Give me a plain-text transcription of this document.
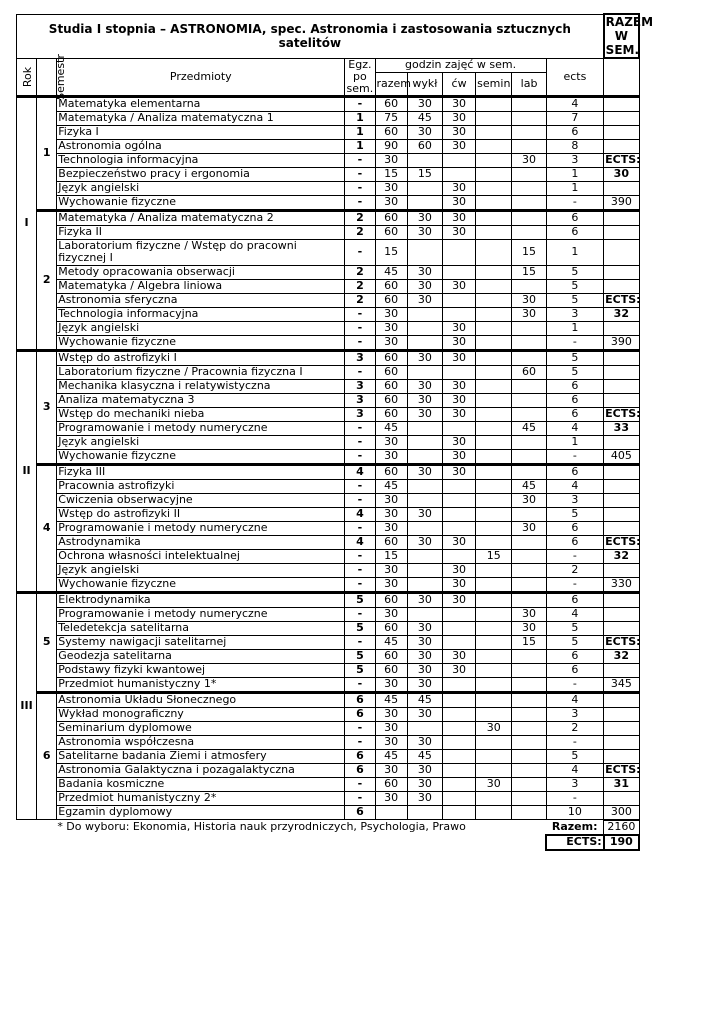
Studia I stopnia – ASTRONOMIA, spec. Astronomia i zastosowania sztucznych satelitów										RAZEM W SEM.
Rok	Semestr	Przedmioty	Egz. po sem.	godzin zajęć w sem.					ects	
				razem	wykł	ćw	semin	lab		

I	1	Matematyka elementarna	-	60	30	30			4	
		Matematyka / Analiza matematyczna 1	1	75	45	30			7	
		Fizyka I	1	60	30	30			6	
		Astronomia ogólna	1	90	60	30			8	
		Technologia informacyjna	-	30				30	3	ECTS:
		Bezpieczeństwo pracy i ergonomia	-	15	15				1	30
		Język angielski	-	30		30			1	
		Wychowanie fizyczne	-	30		30			-	390
	2	Matematyka / Analiza matematyczna 2	2	60	30	30			6	
		Fizyka II	2	60	30	30			6	
		Laboratorium fizyczne / Wstęp do pracowni fizycznej I	-	15				15	1	
		Metody opracowania obserwacji	2	45	30			15	5	
		Matematyka / Algebra liniowa	2	60	30	30			5	
		Astronomia sferyczna	2	60	30			30	5	ECTS:
		Technologia informacyjna	-	30				30	3	32
		Język angielski	-	30		30			1	
		Wychowanie fizyczne	-	30		30			-	390
II	3	Wstęp do astrofizyki I	3	60	30	30			5	
		Laboratorium fizyczne / Pracownia fizyczna I	-	60				60	5	
		Mechanika klasyczna i relatywistyczna	3	60	30	30			6	
		Analiza matematyczna 3	3	60	30	30			6	
		Wstęp do mechaniki nieba	3	60	30	30			6	ECTS:
		Programowanie i metody numeryczne	-	45				45	4	33
		Język angielski	-	30		30			1	
		Wychowanie fizyczne	-	30		30			-	405
	4	Fizyka III	4	60	30	30			6	
		Pracownia astrofizyki	-	45				45	4	
		Ćwiczenia obserwacyjne	-	30				30	3	
		Wstęp do astrofizyki II	4	30	30				5	
		Programowanie i metody numeryczne	-	30				30	6	
		Astrodynamika	4	60	30	30			6	ECTS:
		Ochrona własności intelektualnej	-	15			15		-	32
		Język angielski	-	30		30			2	
		Wychowanie fizyczne	-	30		30			-	330
III	5	Elektrodynamika	5	60	30	30			6	
		Programowanie i metody numeryczne	-	30				30	4	
		Teledetekcja satelitarna	5	60	30			30	5	
		Systemy nawigacji satelitarnej	-	45	30			15	5	ECTS:
		Geodezja satelitarna	5	60	30	30			6	32
		Podstawy fizyki kwantowej	5	60	30	30			6	
		Przedmiot humanistyczny 1*	-	30	30				-	345
	6	Astronomia Układu Słonecznego	6	45	45				4	
		Wykład monograficzny	6	30	30				3	
		Seminarium dyplomowe	-	30			30		2	
		Astronomia współczesna	-	30	30				-	
		Satelitarne badania Ziemi i atmosfery	6	45	45				5	
		Astronomia Galaktyczna i pozagalaktyczna	6	30	30				4	ECTS:
		Badania kosmiczne	-	60	30		30		3	31
		Przedmiot humanistyczny 2*	-	30	30				-	
		Egzamin dyplomowy	6						10	300
	* Do wyboru: Ekonomia, Historia nauk przyrodniczych, Psychologia, Prawo	Razem:	2160
		ECTS:	190
